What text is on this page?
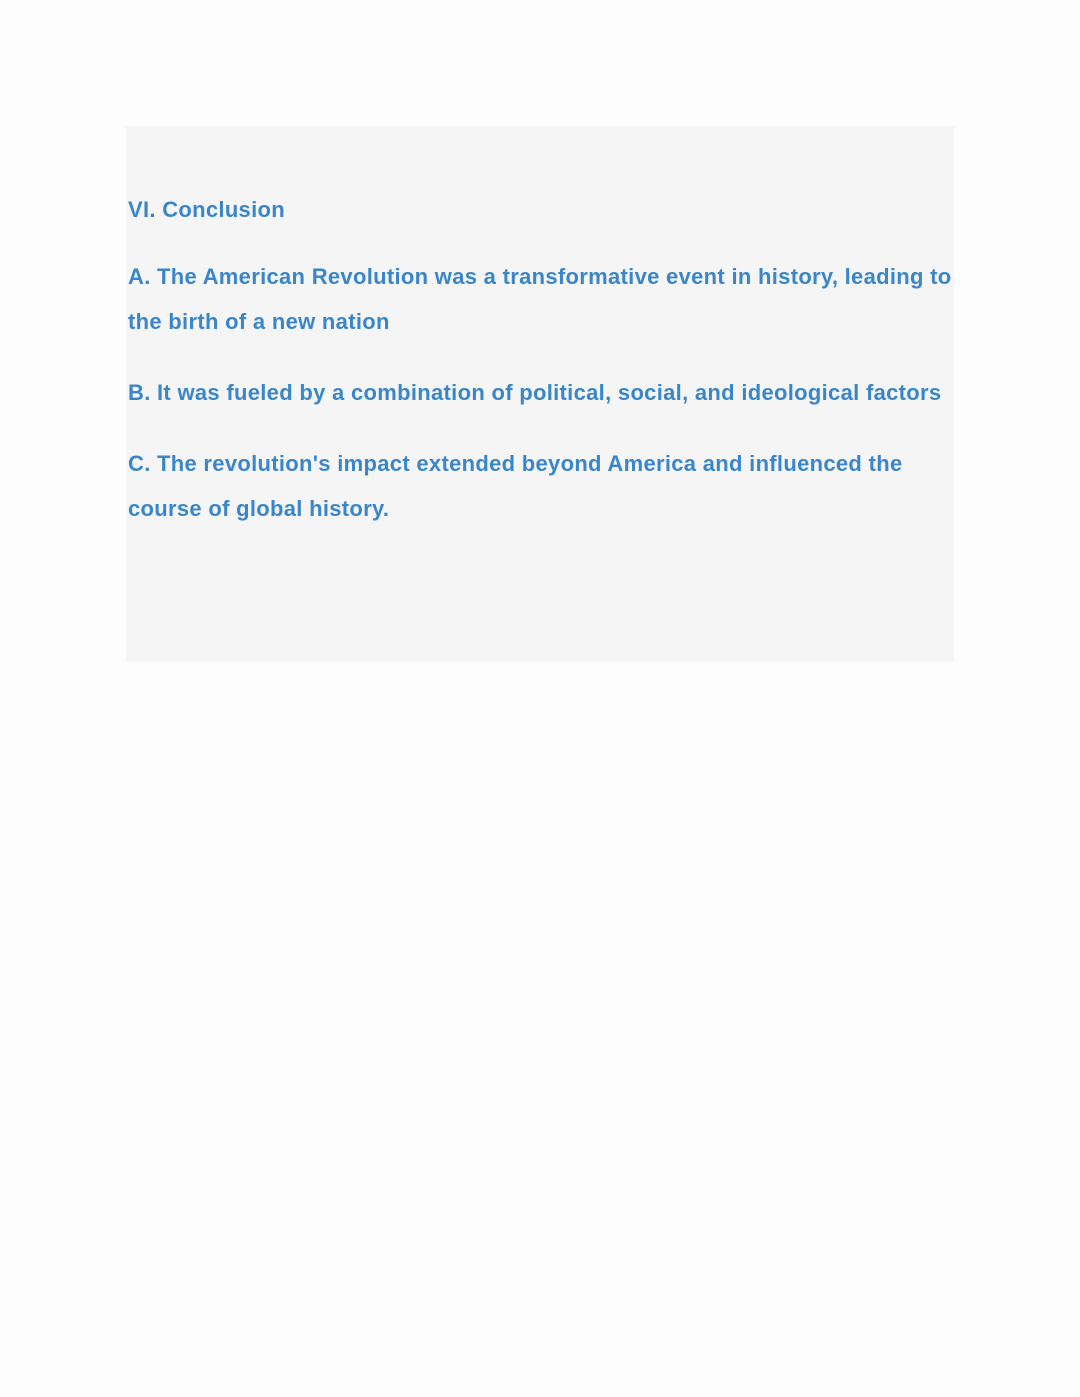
VI. Conclusion
A. The American Revolution was a transformative event in history, leading to the birth of a new nation
B. It was fueled by a combination of political, social, and ideological factors
C. The revolution's impact extended beyond America and influenced the course of global history.
